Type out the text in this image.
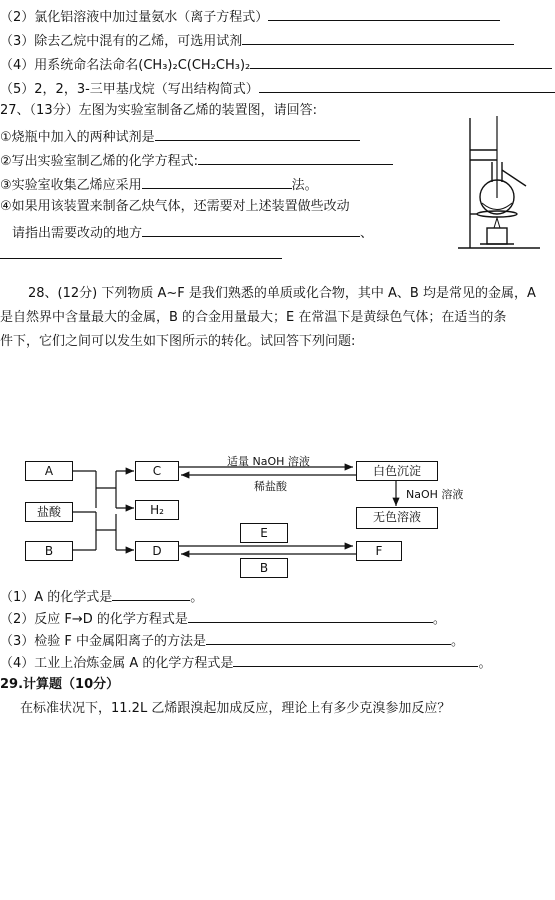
（2）氯化铝溶液中加过量氨水（离子方程式）
（3）除去乙烷中混有的乙烯，可选用试剂
（4）用系统命名法命名(CH₃)₂C(CH₂CH₃)₂
（5）2，2，3-三甲基戊烷（写出结构简式）
27、（13分）左图为实验室制备乙烯的装置图，请回答:
①烧瓶中加入的两种试剂是
②写出实验室制乙烯的化学方程式:
③实验室收集乙烯应采用	法。
④如果用该装置来制备乙炔气体，还需要对上述装置做些改动
请指出需要改动的地方	、
28、(12分) 下列物质 A~F 是我们熟悉的单质或化合物，其中 A、B 均是常见的金属，A
是自然界中含量最大的金属，B 的合金用量最大；E 在常温下是黄绿色气体；在适当的条
件下，它们之间可以发生如下图所示的转化。试回答下列问题:
A
盐酸
B
C
H₂
D
E
B
白色沉淀
无色溶液
F
适量 NaOH 溶液
稀盐酸
NaOH 溶液
（1）A 的化学式是	。
（2）反应 F→D 的化学方程式是	。
（3）检验 F 中金属阳离子的方法是	。
（4）工业上冶炼金属 A 的化学方程式是	。
29.计算题（10分）
在标准状况下，11.2L 乙烯跟溴起加成反应，理论上有多少克溴参加反应？
